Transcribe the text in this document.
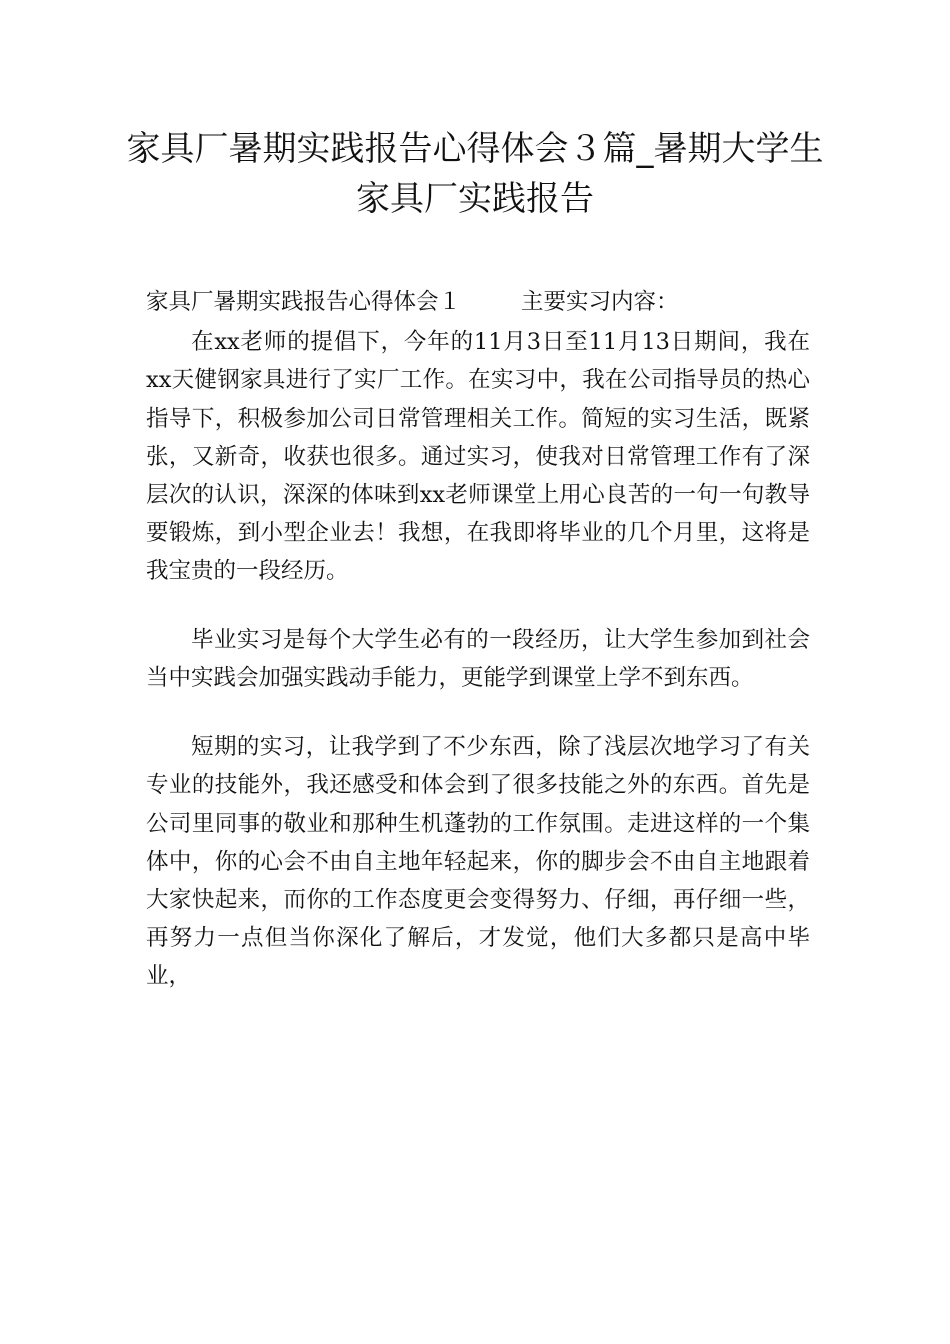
家具厂暑期实践报告心得体会３篇_暑期大学生家具厂实践报告
家具厂暑期实践报告心得体会１	主要实习内容：

在xx老师的提倡下，今年的11月3日至11月13日期间，我在xx天健钢家具进行了实厂工作。在实习中，我在公司指导员的热心指导下，积极参加公司日常管理相关工作。简短的实习生活，既紧张，又新奇，收获也很多。通过实习，使我对日常管理工作有了深层次的认识，深深的体味到xx老师课堂上用心良苦的一句一句教导要锻炼，到小型企业去！我想，在我即将毕业的几个月里，这将是我宝贵的一段经历。

毕业实习是每个大学生必有的一段经历，让大学生参加到社会当中实践会加强实践动手能力，更能学到课堂上学不到东西。

短期的实习，让我学到了不少东西，除了浅层次地学习了有关专业的技能外，我还感受和体会到了很多技能之外的东西。首先是公司里同事的敬业和那种生机蓬勃的工作氛围。走进这样的一个集体中，你的心会不由自主地年轻起来，你的脚步会不由自主地跟着大家快起来，而你的工作态度更会变得努力、仔细，再仔细一些，再努力一点但当你深化了解后，才发觉，他们大多都只是高中毕业，
